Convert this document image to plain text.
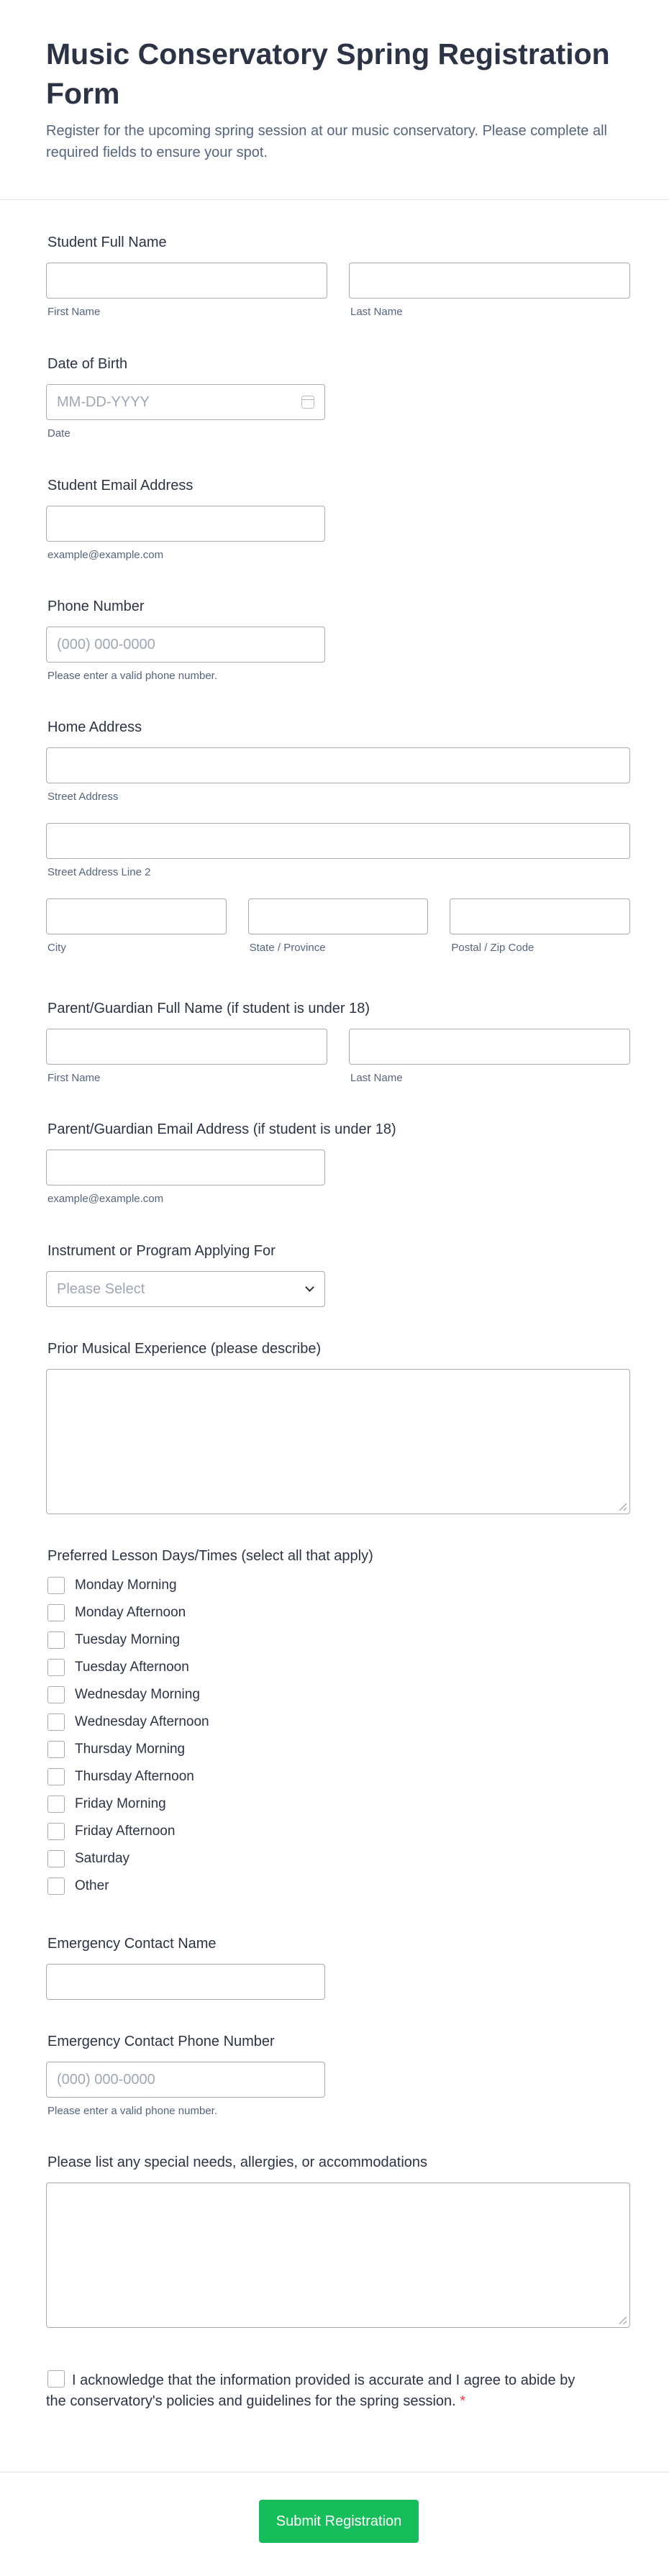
Music Conservatory Spring Registration Form

Register for the upcoming spring session at our music conservatory. Please complete all required fields to ensure your spot.

Student Full Name
First Name	Last Name
Date of Birth
MM-DD-YYYY
Date
Student Email Address
example@example.com
Phone Number
(000) 000-0000
Please enter a valid phone number.
Home Address
Street Address
Street Address Line 2
City	State / Province	Postal / Zip Code
Parent/Guardian Full Name (if student is under 18)
First Name	Last Name
Parent/Guardian Email Address (if student is under 18)
example@example.com
Instrument or Program Applying For
Please Select
Prior Musical Experience (please describe)
Preferred Lesson Days/Times (select all that apply)
Monday Morning
Monday Afternoon
Tuesday Morning
Tuesday Afternoon
Wednesday Morning
Wednesday Afternoon
Thursday Morning
Thursday Afternoon
Friday Morning
Friday Afternoon
Saturday
Other
Emergency Contact Name
Emergency Contact Phone Number
(000) 000-0000
Please enter a valid phone number.
Please list any special needs, allergies, or accommodations
I acknowledge that the information provided is accurate and I agree to abide by the conservatory's policies and guidelines for the spring session. *
Submit Registration
